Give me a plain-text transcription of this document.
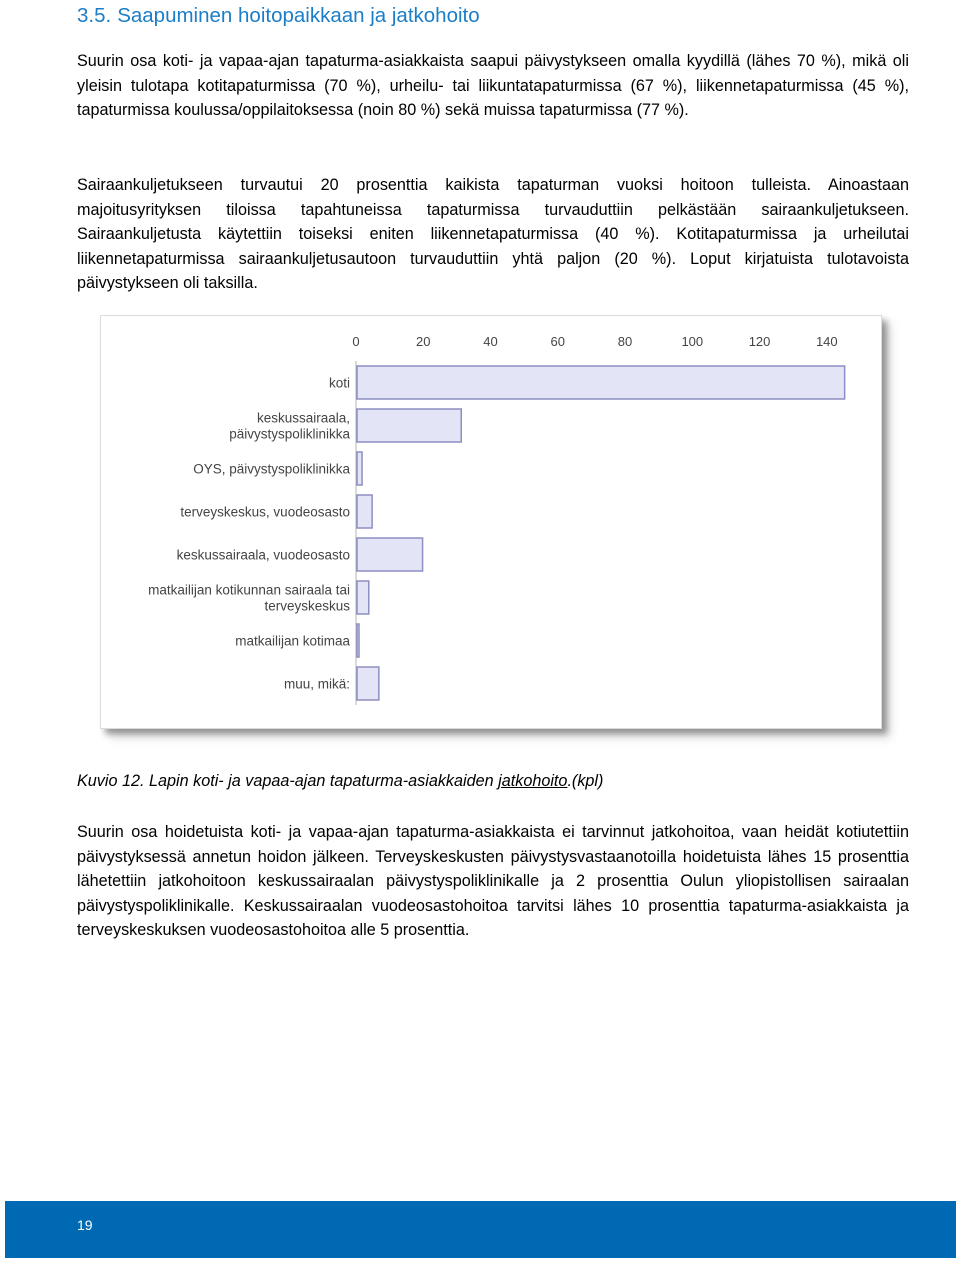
3.5. Saapuminen hoitopaikkaan ja jatkohoito

Suurin osa koti- ja vapaa-ajan tapaturma-asiakkaista saapui päivystykseen omalla kyydillä (lähes 70 %), mikä oli yleisin tulotapa kotitapaturmissa (70 %), urheilu- tai liikuntatapaturmissa (67 %), liikennetapaturmissa (45 %), tapaturmissa koulussa/oppilaitoksessa (noin 80 %) sekä muissa tapaturmissa (77 %).

Sairaankuljetukseen turvautui 20 prosenttia kaikista tapaturman vuoksi hoitoon tulleista. Ainoastaan majoitusyrityksen tiloissa tapahtuneissa tapaturmissa turvauduttiin pelkästään sairaankuljetukseen. Sairaankuljetusta käytettiin toiseksi eniten liikennetapaturmissa (40 %). Kotitapaturmissa ja urheilutai liikennetapaturmissa sairaankuljetusautoon turvauduttiin yhtä paljon (20 %). Loput kirjatuista tulotavoista päivystykseen oli taksilla.

0	20	40	60	80	100	120	140
koti
keskussairaala,
päivystyspoliklinikka
OYS, päivystyspoliklinikka
terveyskeskus, vuodeosasto
keskussairaala, vuodeosasto
matkailijan kotikunnan sairaala tai
terveyskeskus
matkailijan kotimaa
muu, mikä:

Kuvio 12. Lapin koti- ja vapaa-ajan tapaturma-asiakkaiden jatkohoito.(kpl)

Suurin osa hoidetuista koti- ja vapaa-ajan tapaturma-asiakkaista ei tarvinnut jatkohoitoa, vaan heidät kotiutettiin päivystyksessä annetun hoidon jälkeen. Terveyskeskusten päivystysvastaanotoilla hoidetuista lähes 15 prosenttia lähetettiin jatkohoitoon keskussairaalan päivystyspoliklinikalle ja 2 prosenttia Oulun yliopistollisen sairaalan päivystyspoliklinikalle. Keskussairaalan vuodeosastohoitoa tarvitsi lähes 10 prosenttia tapaturma-asiakkaista ja terveyskeskuksen vuodeosastohoitoa alle 5 prosenttia.

19
